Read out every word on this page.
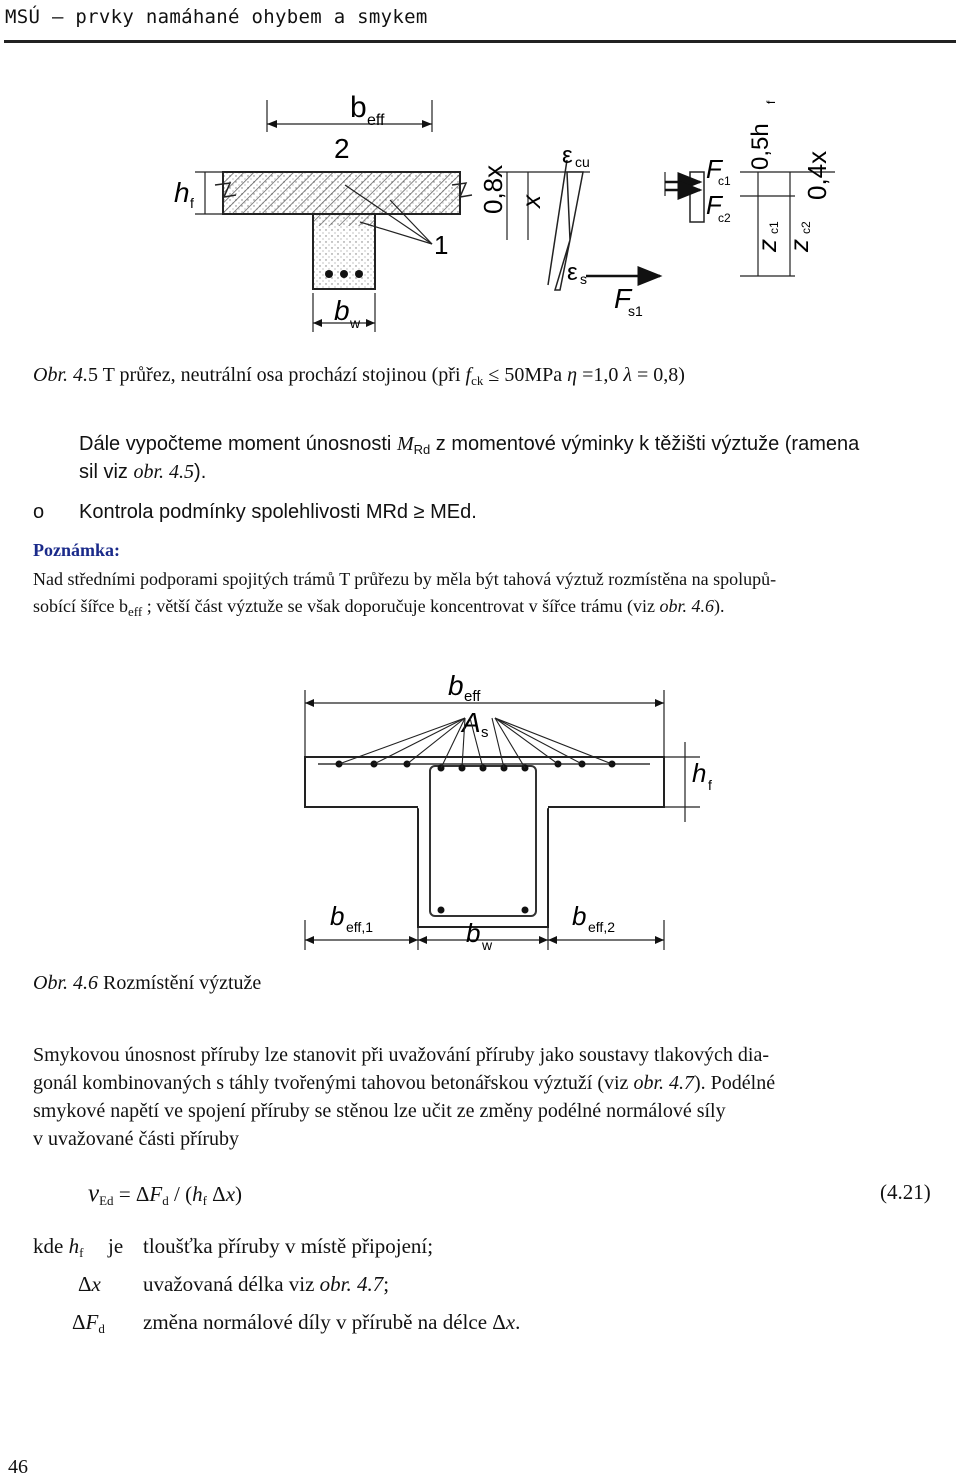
MSÚ – prvky namáhané ohybem a smykem
b eff
2
h f
1
b w
0,8x x
ε cu
ε s
F
s1
F
c1
F
c2
0,5h
f
0,4x
z
c1
z
c2
Obr. 4.5 T průřez, neutrální osa prochází stojinou (při $f_{ck} \le 50MPa$ η =1,0 λ = 0,8)
Dále vypočteme moment únosnosti $M_{Rd}$ z momentové výminky k těžišti výztuže (ramena
sil viz obr. 4.5).
o Kontrola podmínky spolehlivosti MRd ≥ MEd.
Poznámka:
Nad středními podporami spojitých trámů T průřezu by měla být tahová výztuž rozmístěna na spolupů-
sobící šířce $b_{eff}$ ; větší část výztuže se však doporučuje koncentrovat v šířce trámu (viz obr. 4.6).
b eff
A s
h f
b eff,1	b w
b eff,2
Obr. 4.6 Rozmístění výztuže
Smykovou únosnost příruby lze stanovit při uvažování příruby jako soustavy tlakových dia-
gonál kombinovaných s táhly tvořenými tahovou betonářskou výztuží (viz obr. 4.7). Podélné
smykové napětí ve spojení příruby se stěnou lze učit ze změny podélné normálové síly
v uvažované části příruby
$v_{Ed} = \Delta F_d / (h_f$ Δx)	(4.21)
kde $h_f$ je tloušťka příruby v místě připojení;
Δx uvažovaná délka viz obr. 4.7;
$\Delta F_d$ změna normálové díly v přírubě na délce Δx.
46
